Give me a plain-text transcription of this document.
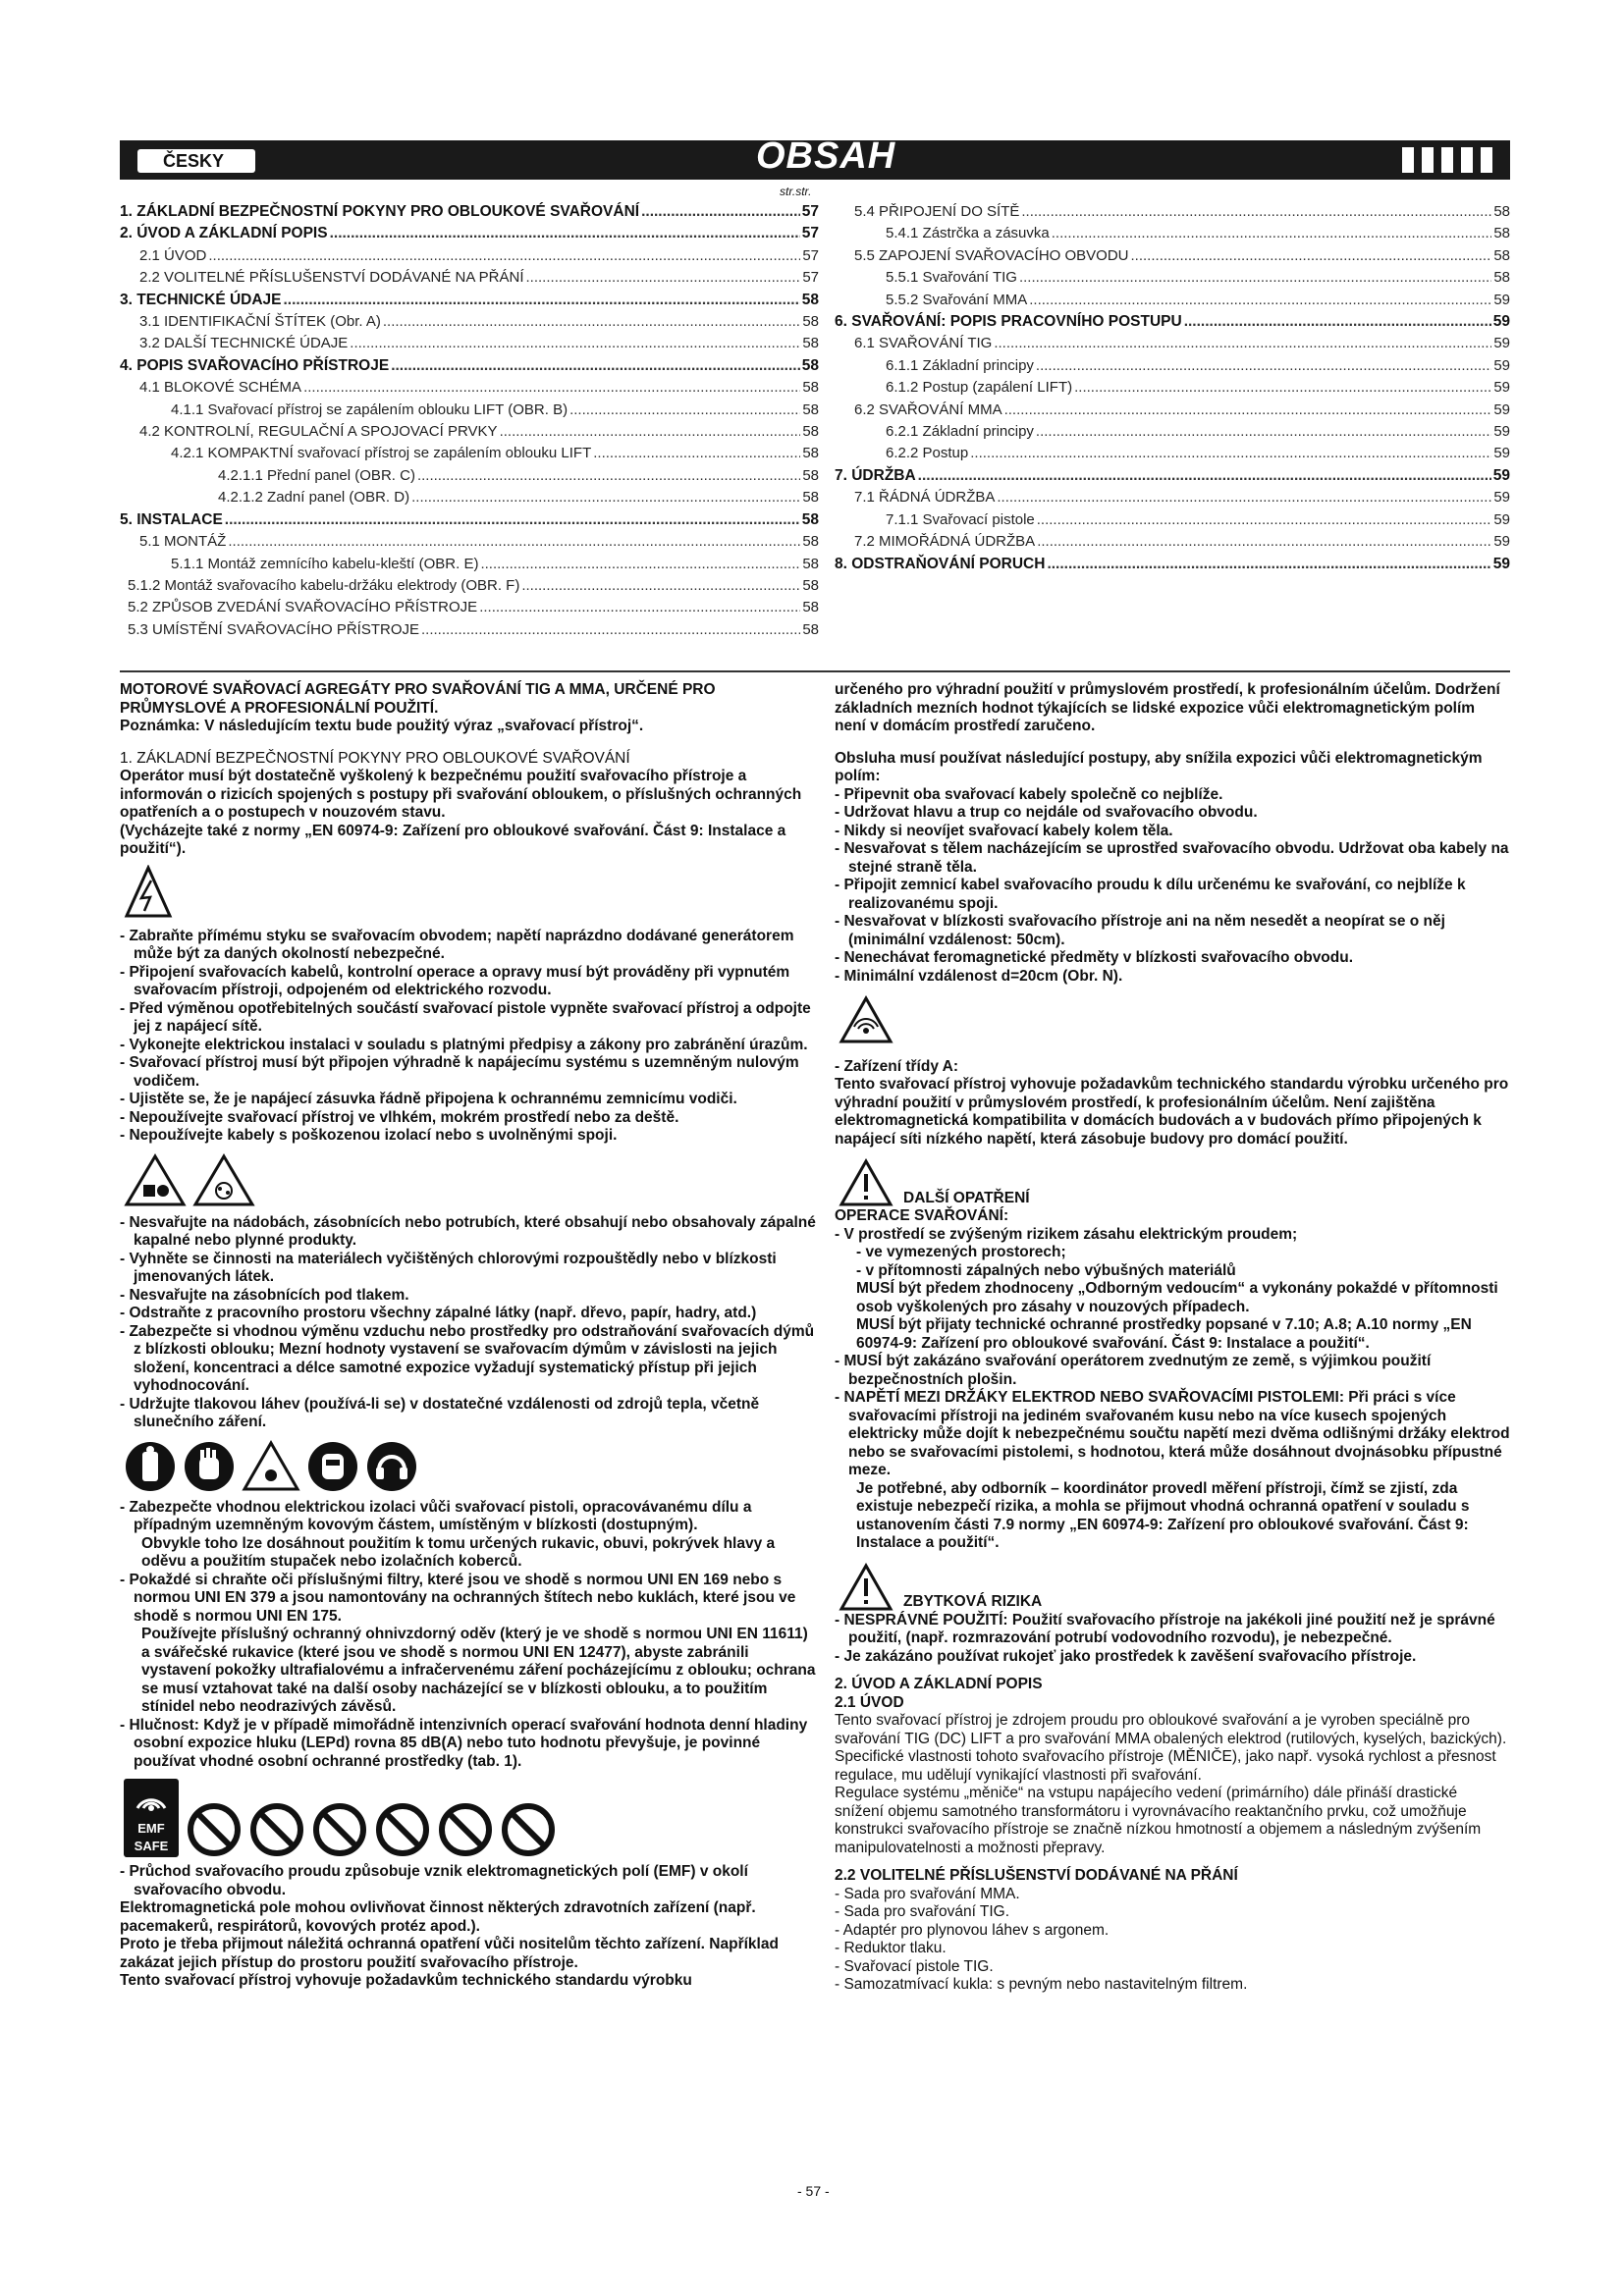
ČESKY	OBSAH
str.str.
1. ZÁKLADNÍ BEZPEČNOSTNÍ POKYNY PRO OBLOUKOVÉ SVAŘOVÁNÍ .....	57
2. ÚVOD A ZÁKLADNÍ POPIS .....	57
2.1 ÚVOD .....	57
2.2 VOLITELNÉ PŘÍSLUŠENSTVÍ DODÁVANÉ NA PŘÁNÍ .....	57
3. TECHNICKÉ ÚDAJE .....	58
3.1 IDENTIFIKAČNÍ ŠTÍTEK (Obr. A) .....	58
3.2 DALŠÍ TECHNICKÉ ÚDAJE .....	58
4. POPIS SVAŘOVACÍHO PŘÍSTROJE .....	58
4.1 BLOKOVÉ SCHÉMA .....	58
4.1.1 Svařovací přístroj se zapálením oblouku LIFT (OBR. B) .....	58
4.2 KONTROLNÍ, REGULAČNÍ A SPOJOVACÍ PRVKY .....	58
4.2.1 KOMPAKTNÍ svařovací přístroj se zapálením oblouku LIFT .....	58
4.2.1.1 Přední panel (OBR. C) .....	58
4.2.1.2 Zadní panel (OBR. D) .....	58
5. INSTALACE .....	58
5.1 MONTÁŽ .....	58
5.1.1 Montáž zemnícího kabelu-kleští (OBR. E) .....	58
5.1.2 Montáž svařovacího kabelu-držáku elektrody (OBR. F) .....	58
5.2 ZPŮSOB ZVEDÁNÍ SVAŘOVACÍHO PŘÍSTROJE .....	58
5.3 UMÍSTĚNÍ SVAŘOVACÍHO PŘÍSTROJE .....	58
5.4 PŘIPOJENÍ DO SÍTĚ .....	58
5.4.1 Zástrčka a zásuvka .....	58
5.5 ZAPOJENÍ SVAŘOVACÍHO OBVODU .....	58
5.5.1 Svařování TIG .....	58
5.5.2 Svařování MMA .....	59
6. SVAŘOVÁNÍ: POPIS PRACOVNÍHO POSTUPU .....	59
6.1 SVAŘOVÁNÍ TIG .....	59
6.1.1 Základní principy .....	59
6.1.2 Postup (zapálení LIFT) .....	59
6.2 SVAŘOVÁNÍ MMA .....	59
6.2.1 Základní principy .....	59
6.2.2 Postup .....	59
7. ÚDRŽBA .....	59
7.1 ŘÁDNÁ ÚDRŽBA .....	59
7.1.1 Svařovací pistole .....	59
7.2 MIMOŘÁDNÁ ÚDRŽBA .....	59
8. ODSTRAŇOVÁNÍ PORUCH .....	59

MOTOROVÉ SVAŘOVACÍ AGREGÁTY PRO SVAŘOVÁNÍ TIG A MMA, URČENÉ PRO PRŮMYSLOVÉ A PROFESIONÁLNÍ POUŽITÍ.

Poznámka: V následujícím textu bude použitý výraz „svařovací přístroj“.

1. ZÁKLADNÍ BEZPEČNOSTNÍ POKYNY PRO OBLOUKOVÉ SVAŘOVÁNÍ

Operátor musí být dostatečně vyškolený k bezpečnému použití svařovacího přístroje a informován o rizicích spojených s postupy při svařování obloukem, o příslušných ochranných opatřeních a o postupech v nouzovém stavu.

(Vycházejte také z normy „EN 60974-9: Zařízení pro obloukové svařování. Část 9: Instalace a použití“).

- Zabraňte přímému styku se svařovacím obvodem; napětí naprázdno dodávané generátorem může být za daných okolností nebezpečné.

- Připojení svařovacích kabelů, kontrolní operace a opravy musí být prováděny při vypnutém svařovacím přístroji, odpojeném od elektrického rozvodu.

- Před výměnou opotřebitelných součástí svařovací pistole vypněte svařovací přístroj a odpojte jej z napájecí sítě.

- Vykonejte elektrickou instalaci v souladu s platnými předpisy a zákony pro zabránění úrazům.

- Svařovací přístroj musí být připojen výhradně k napájecímu systému s uzemněným nulovým vodičem.

- Ujistěte se, že je napájecí zásuvka řádně připojena k ochrannému zemnicímu vodiči.

- Nepoužívejte svařovací přístroj ve vlhkém, mokrém prostředí nebo za deště.

- Nepoužívejte kabely s poškozenou izolací nebo s uvolněnými spoji.

- Nesvařujte na nádobách, zásobnících nebo potrubích, které obsahují nebo obsahovaly zápalné kapalné nebo plynné produkty.

- Vyhněte se činnosti na materiálech vyčištěných chlorovými rozpouštědly nebo v blízkosti jmenovaných látek.

- Nesvařujte na zásobnících pod tlakem.

- Odstraňte z pracovního prostoru všechny zápalné látky (např. dřevo, papír, hadry, atd.)

- Zabezpečte si vhodnou výměnu vzduchu nebo prostředky pro odstraňování svařovacích dýmů z blízkosti oblouku; Mezní hodnoty vystavení se svařovacím dýmům v závislosti na jejich složení, koncentraci a délce samotné expozice vyžadují systematický přístup při jejich vyhodnocování.

- Udržujte tlakovou láhev (používá-li se) v dostatečné vzdálenosti od zdrojů tepla, včetně slunečního záření.

- Zabezpečte vhodnou elektrickou izolaci vůči svařovací pistoli, opracovávanému dílu a případným uzemněným kovovým částem, umístěným v blízkosti (dostupným).

Obvykle toho lze dosáhnout použitím k tomu určených rukavic, obuvi, pokrývek hlavy a oděvu a použitím stupaček nebo izolačních koberců.

- Pokaždé si chraňte oči příslušnými filtry, které jsou ve shodě s normou UNI EN 169 nebo s normou UNI EN 379 a jsou namontovány na ochranných štítech nebo kuklách, které jsou ve shodě s normou UNI EN 175.

Používejte příslušný ochranný ohnivzdorný oděv (který je ve shodě s normou UNI EN 11611) a svářečské rukavice (které jsou ve shodě s normou UNI EN 12477), abyste zabránili vystavení pokožky ultrafialovému a infračervenému záření pocházejícímu z oblouku; ochrana se musí vztahovat také na další osoby nacházející se v blízkosti oblouku, a to použitím stínidel nebo neodrazivých závěsů.

- Hlučnost: Když je v případě mimořádně intenzivních operací svařování hodnota denní hladiny osobní expozice hluku (LEPd) rovna 85 dB(A) nebo tuto hodnotu převyšuje, je povinné používat vhodné osobní ochranné prostředky (tab. 1).

EMF
SAFE

- Průchod svařovacího proudu způsobuje vznik elektromagnetických polí (EMF) v okolí svařovacího obvodu.

Elektromagnetická pole mohou ovlivňovat činnost některých zdravotních zařízení (např. pacemakerů, respirátorů, kovových protéz apod.).

Proto je třeba přijmout náležitá ochranná opatření vůči nositelům těchto zařízení. Například zakázat jejich přístup do prostoru použití svařovacího přístroje.

Tento svařovací přístroj vyhovuje požadavkům technického standardu výrobku

určeného pro výhradní použití v průmyslovém prostředí, k profesionálním účelům. Dodržení základních mezních hodnot týkajících se lidské expozice vůči elektromagnetickým polím není v domácím prostředí zaručeno.

Obsluha musí používat následující postupy, aby snížila expozici vůči elektromagnetickým polím:

- Připevnit oba svařovací kabely společně co nejblíže.

- Udržovat hlavu a trup co nejdále od svařovacího obvodu.

- Nikdy si neovíjet svařovací kabely kolem těla.

- Nesvařovat s tělem nacházejícím se uprostřed svařovacího obvodu. Udržovat oba kabely na stejné straně těla.

- Připojit zemnicí kabel svařovacího proudu k dílu určenému ke svařování, co nejblíže k realizovanému spoji.

- Nesvařovat v blízkosti svařovacího přístroje ani na něm nesedět a neopírat se o něj (minimální vzdálenost: 50cm).

- Nenechávat feromagnetické předměty v blízkosti svařovacího obvodu.

- Minimální vzdálenost d=20cm (Obr. N).

- Zařízení třídy A:

Tento svařovací přístroj vyhovuje požadavkům technického standardu výrobku určeného pro výhradní použití v průmyslovém prostředí, k profesionálním účelům. Není zajištěna elektromagnetická kompatibilita v domácích budovách a v budovách přímo připojených k napájecí síti nízkého napětí, která zásobuje budovy pro domácí použití.

DALŠÍ OPATŘENÍ

OPERACE SVAŘOVÁNÍ:

- V prostředí se zvýšeným rizikem zásahu elektrickým proudem;

- ve vymezených prostorech;

- v přítomnosti zápalných nebo výbušných materiálů

MUSÍ být předem zhodnoceny „Odborným vedoucím“ a vykonány pokaždé v přítomnosti osob vyškolených pro zásahy v nouzových případech.

MUSÍ být přijaty technické ochranné prostředky popsané v 7.10; A.8; A.10 normy „EN 60974-9: Zařízení pro obloukové svařování. Část 9: Instalace a použití“.

- MUSÍ být zakázáno svařování operátorem zvednutým ze země, s výjimkou použití bezpečnostních plošin.

- NAPĚTÍ MEZI DRŽÁKY ELEKTROD NEBO SVAŘOVACÍMI PISTOLEMI: Při práci s více svařovacími přístroji na jediném svařovaném kusu nebo na více kusech spojených elektricky může dojít k nebezpečnému součtu napětí mezi dvěma odlišnými držáky elektrod nebo se svařovacími pistolemi, s hodnotou, která může dosáhnout dvojnásobku přípustné meze.

Je potřebné, aby odborník – koordinátor provedl měření přístroji, čímž se zjistí, zda existuje nebezpečí rizika, a mohla se přijmout vhodná ochranná opatření v souladu s ustanovením části 7.9 normy „EN 60974-9: Zařízení pro obloukové svařování. Část 9: Instalace a použití“.

ZBYTKOVÁ RIZIKA

- NESPRÁVNÉ POUŽITÍ: Použití svařovacího přístroje na jakékoli jiné použití než je správné použití, (např. rozmrazování potrubí vodovodního rozvodu), je nebezpečné.

- Je zakázáno používat rukojeť jako prostředek k zavěšení svařovacího přístroje.

2. ÚVOD A ZÁKLADNÍ POPIS

2.1 ÚVOD

Tento svařovací přístroj je zdrojem proudu pro obloukové svařování a je vyroben speciálně pro svařování TIG (DC) LIFT a pro svařování MMA obalených elektrod (rutilových, kyselých, bazických).

Specifické vlastnosti tohoto svařovacího přístroje (MĚNIČE), jako např. vysoká rychlost a přesnost regulace, mu udělují vynikající vlastnosti při svařování.

Regulace systému „měniče“ na vstupu napájecího vedení (primárního) dále přináší drastické snížení objemu samotného transformátoru i vyrovnávacího reaktančního prvku, což umožňuje konstrukci svařovacího přístroje se značně nízkou hmotností a objemem a následným zvýšením manipulovatelnosti a možnosti přepravy.

2.2 VOLITELNÉ PŘÍSLUŠENSTVÍ DODÁVANÉ NA PŘÁNÍ

- Sada pro svařování MMA.

- Sada pro svařování TIG.

- Adaptér pro plynovou láhev s argonem.

- Reduktor tlaku.

- Svařovací pistole TIG.

- Samozatmívací kukla: s pevným nebo nastavitelným filtrem.

- 57 -
